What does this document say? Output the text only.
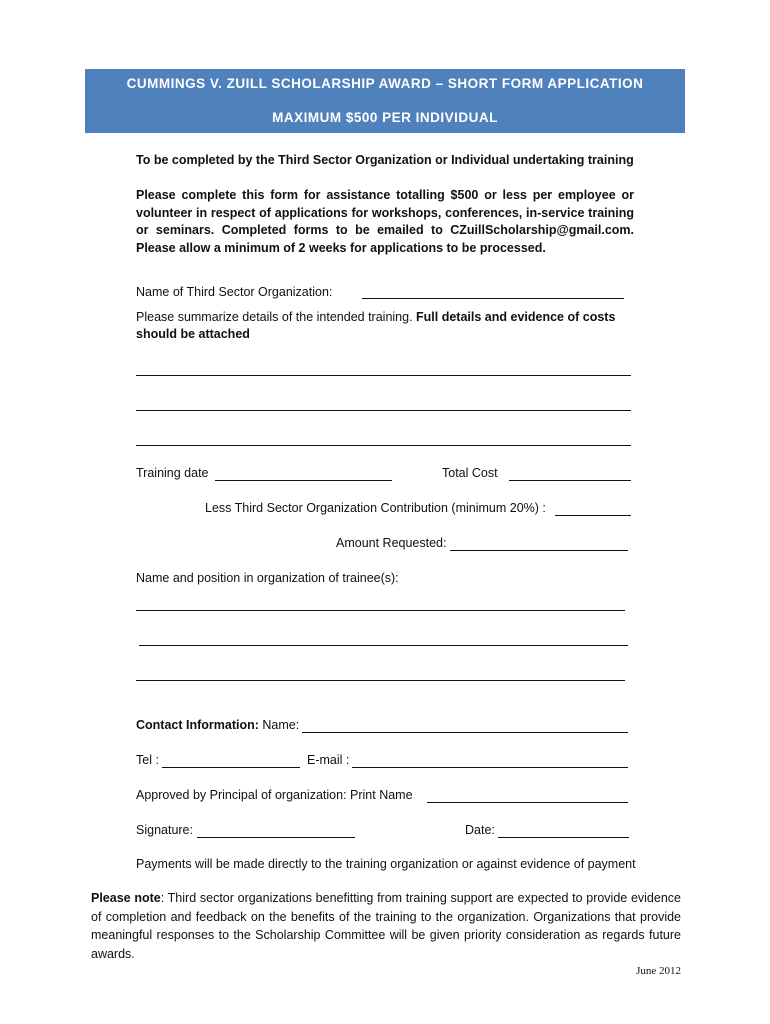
CUMMINGS V. ZUILL SCHOLARSHIP AWARD – SHORT FORM APPLICATION
MAXIMUM $500 PER INDIVIDUAL
To be completed by the Third Sector Organization or Individual undertaking training
Please complete this form for assistance totalling $500 or less per employee or volunteer in respect of applications for workshops, conferences, in-service training or seminars. Completed forms to be emailed to CZuillScholarship@gmail.com. Please allow a minimum of 2 weeks for applications to be processed.
Name of Third Sector Organization:
Please summarize details of the intended training. Full details and evidence of costs should be attached
Training date	Total Cost
Less Third Sector Organization Contribution (minimum 20%) :
Amount Requested:
Name and position in organization of trainee(s):
Contact Information: Name:
Tel :	E-mail :
Approved by Principal of organization: Print Name
Signature:	Date:
Payments will be made directly to the training organization or against evidence of payment
Please note: Third sector organizations benefitting from training support are expected to provide evidence of completion and feedback on the benefits of the training to the organization. Organizations that provide meaningful responses to the Scholarship Committee will be given priority consideration as regards future awards.
June 2012
